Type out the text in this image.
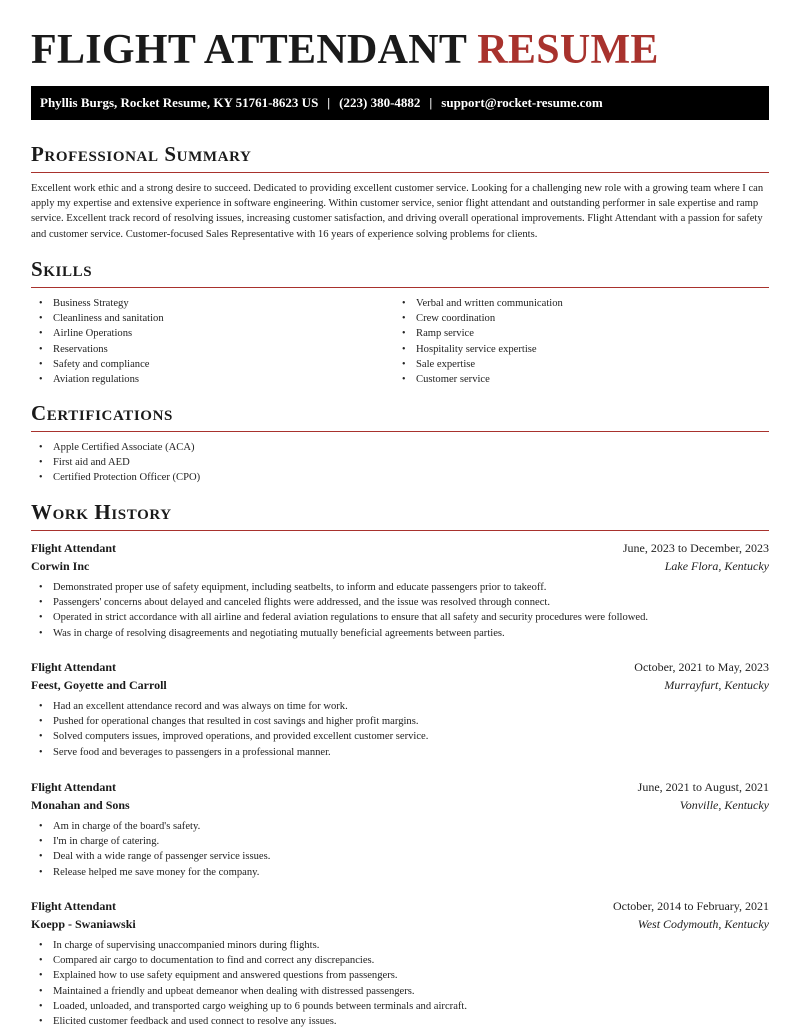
FLIGHT ATTENDANT RESUME
Phyllis Burgs, Rocket Resume, KY 51761-8623 US | (223) 380-4882 | support@rocket-resume.com
Professional Summary

Excellent work ethic and a strong desire to succeed. Dedicated to providing excellent customer service. Looking for a challenging new role with a growing team where I can apply my expertise and extensive experience in software engineering. Within customer service, senior flight attendant and outstanding performer in sale expertise and ramp service. Excellent track record of resolving issues, increasing customer satisfaction, and driving overall operational improvements. Flight Attendant with a passion for safety and customer service. Customer-focused Sales Representative with 16 years of experience solving problems for clients.

Skills
• Business Strategy
• Cleanliness and sanitation
• Airline Operations
• Reservations
• Safety and compliance
• Aviation regulations
• Verbal and written communication
• Crew coordination
• Ramp service
• Hospitality service expertise
• Sale expertise
• Customer service
Certifications
• Apple Certified Associate (ACA)
• First aid and AED
• Certified Protection Officer (CPO)
Work History
Flight Attendant	June, 2023 to December, 2023
Corwin Inc	Lake Flora, Kentucky
• Demonstrated proper use of safety equipment, including seatbelts, to inform and educate passengers prior to takeoff.
• Passengers' concerns about delayed and canceled flights were addressed, and the issue was resolved through connect.
• Operated in strict accordance with all airline and federal aviation regulations to ensure that all safety and security procedures were followed.
• Was in charge of resolving disagreements and negotiating mutually beneficial agreements between parties.
Flight Attendant	October, 2021 to May, 2023
Feest, Goyette and Carroll	Murrayfurt, Kentucky
• Had an excellent attendance record and was always on time for work.
• Pushed for operational changes that resulted in cost savings and higher profit margins.
• Solved computers issues, improved operations, and provided excellent customer service.
• Serve food and beverages to passengers in a professional manner.
Flight Attendant	June, 2021 to August, 2021
Monahan and Sons	Vonville, Kentucky
• Am in charge of the board's safety.
• I'm in charge of catering.
• Deal with a wide range of passenger service issues.
• Release helped me save money for the company.
Flight Attendant	October, 2014 to February, 2021
Koepp - Swaniawski	West Codymouth, Kentucky
• In charge of supervising unaccompanied minors during flights.
• Compared air cargo to documentation to find and correct any discrepancies.
• Explained how to use safety equipment and answered questions from passengers.
• Maintained a friendly and upbeat demeanor when dealing with distressed passengers.
• Loaded, unloaded, and transported cargo weighing up to 6 pounds between terminals and aircraft.
• Elicited customer feedback and used connect to resolve any issues.
